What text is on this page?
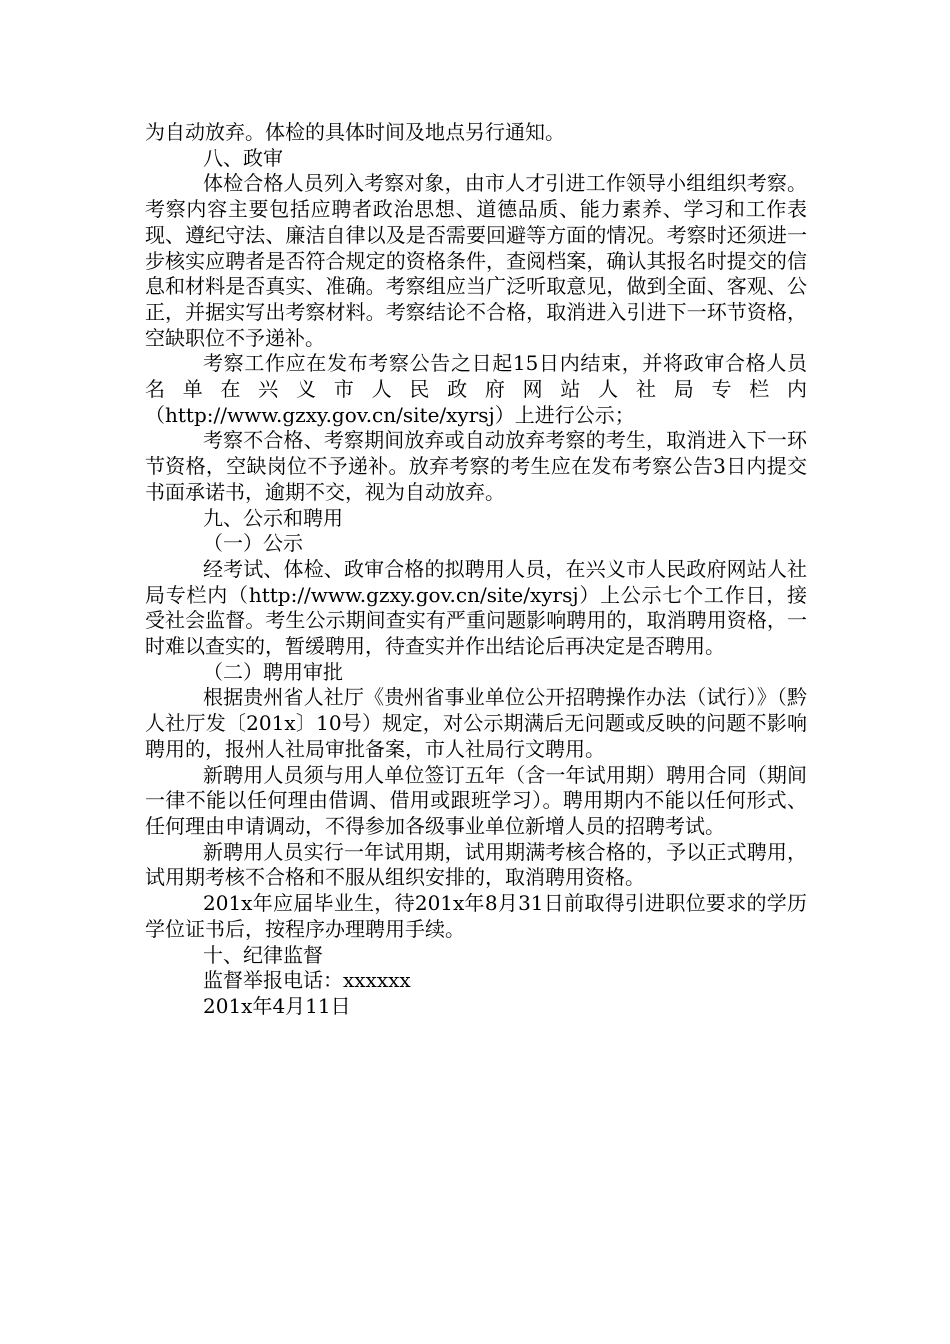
为自动放弃。体检的具体时间及地点另行通知。

八、政审

体检合格人员列入考察对象，由市人才引进工作领导小组组织考察。考察内容主要包括应聘者政治思想、道德品质、能力素养、学习和工作表现、遵纪守法、廉洁自律以及是否需要回避等方面的情况。考察时还须进一步核实应聘者是否符合规定的资格条件，查阅档案，确认其报名时提交的信息和材料是否真实、准确。考察组应当广泛听取意见，做到全面、客观、公正，并据实写出考察材料。考察结论不合格，取消进入引进下一环节资格，空缺职位不予递补。

考察工作应在发布考察公告之日起15日内结束，并将政审合格人员名单在兴义市人民政府网站人社局专栏内（http://www.gzxy.gov.cn/site/xyrsj）上进行公示；

考察不合格、考察期间放弃或自动放弃考察的考生，取消进入下一环节资格，空缺岗位不予递补。放弃考察的考生应在发布考察公告3日内提交书面承诺书，逾期不交，视为自动放弃。

九、公示和聘用

（一）公示

经考试、体检、政审合格的拟聘用人员，在兴义市人民政府网站人社局专栏内（http://www.gzxy.gov.cn/site/xyrsj）上公示七个工作日，接受社会监督。考生公示期间查实有严重问题影响聘用的，取消聘用资格，一时难以查实的，暂缓聘用，待查实并作出结论后再决定是否聘用。

（二）聘用审批

根据贵州省人社厅《贵州省事业单位公开招聘操作办法（试行）》（黔人社厅发〔201x〕10号）规定，对公示期满后无问题或反映的问题不影响聘用的，报州人社局审批备案，市人社局行文聘用。

新聘用人员须与用人单位签订五年（含一年试用期）聘用合同（期间一律不能以任何理由借调、借用或跟班学习）。聘用期内不能以任何形式、任何理由申请调动，不得参加各级事业单位新增人员的招聘考试。

新聘用人员实行一年试用期，试用期满考核合格的，予以正式聘用，试用期考核不合格和不服从组织安排的，取消聘用资格。

201x年应届毕业生，待201x年8月31日前取得引进职位要求的学历学位证书后，按程序办理聘用手续。

十、纪律监督

监督举报电话：xxxxxx

201x年4月11日
